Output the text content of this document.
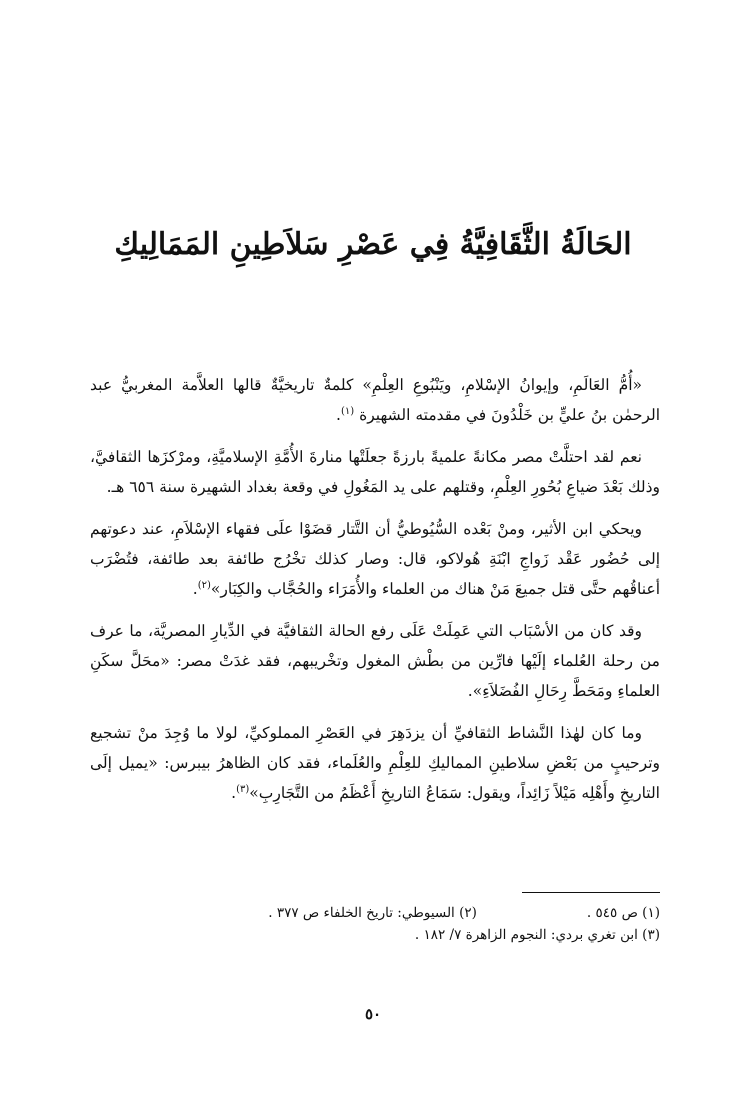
الحَالَةُ الثَّقَافِيَّةُ فِي عَصْرِ سَلاَطِينِ المَمَالِيكِ

«أُمُّ العَالَمِ، وإيوانُ الإسْلامِ، ويَنْبُوعِ العِلْمِ» كلمةٌ تاريخيَّةٌ قالها العلاَّمة المغربيُّ عبد الرحمٰن بنُ عليٍّ بن خَلْدُونَ في مقدمته الشهيرة $^{(١)}$.

نعم لقد احتلَّتْ مصر مكانةً علميةً بارزةً جعلَتْها منارةَ الأُمَّةِ الإسلاميَّةِ، ومرْكزَها الثقافيَّ، وذلك بَعْدَ ضياعِ بُحُورِ العِلْمِ، وقتلهم على يد المَغُولِ في وقعة بغداد الشهيرة سنة ٦٥٦ هـ.

ويحكي ابن الأثير، ومنْ بَعْده السُّيُوطيُّ أن التَّتار قضَوْا علَى فقهاء الإسْلاَمِ، عند دعوتهم إلى حُضُور عَقْد زَواجِ ابْنَةِ هُولاكو، قال: وصار كذلك تخْرُج طائفة بعد طائفة، فتُضْرَب أعناقُهم حتَّى قتل جميعَ مَنْ هناك من العلماء والأُمَرَاء والحُجَّاب والكِبَار»$^{(٢)}$.

وقد كان من الأسْبَاب التي عَمِلَتْ عَلَى رفع الحالة الثقافيَّة في الدِّيارِ المصريَّة، ما عرف من رحلة العُلماء إلَيْها فارِّين من بطْش المغول وتخْريبهم، فقد غدَتْ مصر: «محَلَّ سكَنِ العلماءِ ومَحَطَّ رِحَالِ الفُضَلاَءِ».

وما كان لهٰذا النَّشاط الثقافيِّ أن يزدَهِرَ في العَصْرِ المملوكيِّ، لولا ما وُجِدَ منْ تشجيع وترحيبٍ من بَعْضِ سلاطينِ المماليكِ للعِلْمِ والعُلَماء، فقد كان الظاهرُ بيبرس: «يميل إلَى التاريخِ وأَهْلِه مَيْلاً زَائِداً، ويقول: سَمَاعُ التاريخِ أَعْظَمُ من التَّجَارِبِ»$^{(٣)}$.

(١) ص ٥٤٥ .
(٢) السيوطي: تاريخ الخلفاء ص ٣٧٧ .
(٣) ابن تغري بردي: النجوم الزاهرة ٧/ ١٨٢ .
٥٠
